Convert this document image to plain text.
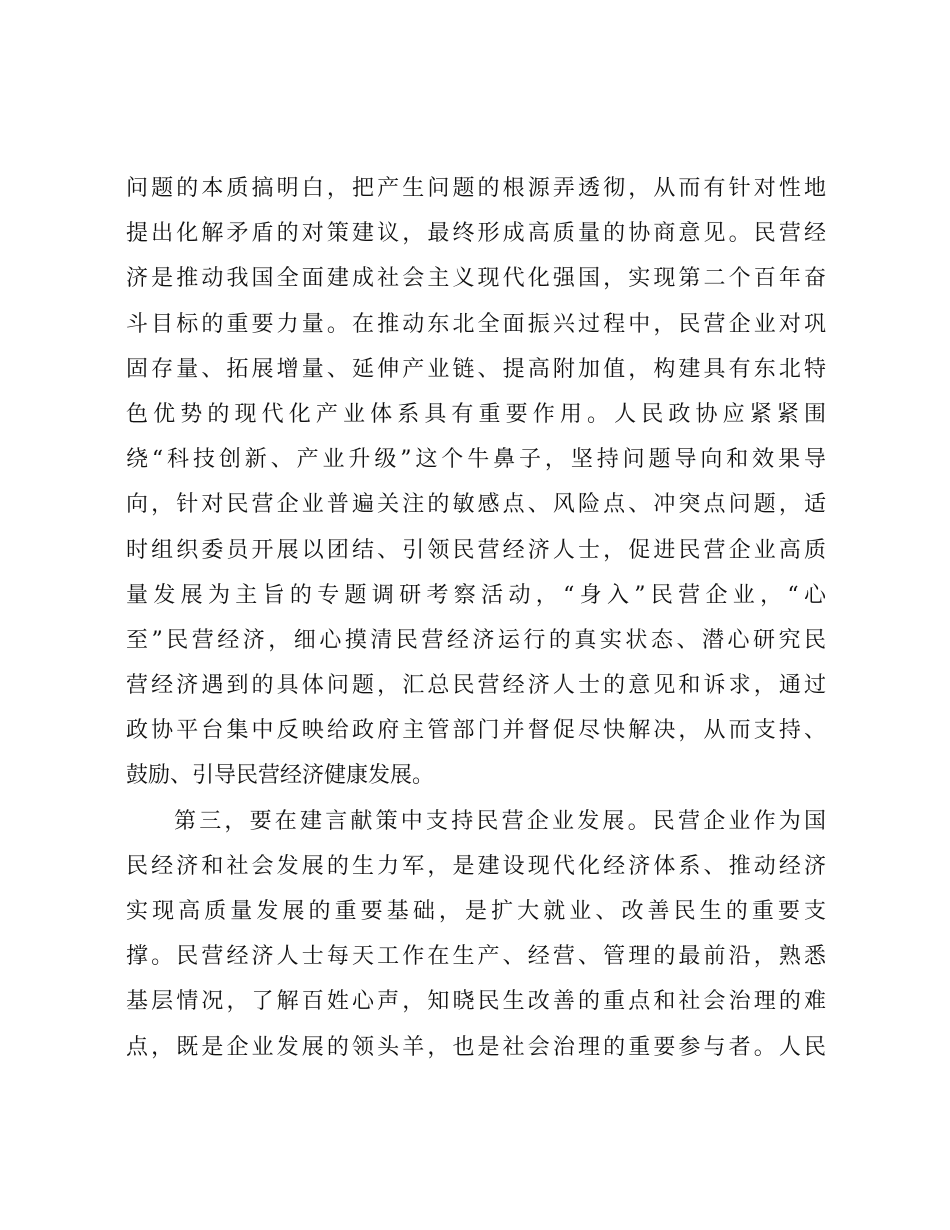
问题的本质搞明白，把产生问题的根源弄透彻，从而有针对性地
提出化解矛盾的对策建议，最终形成高质量的协商意见。民营经
济是推动我国全面建成社会主义现代化强国，实现第二个百年奋
斗目标的重要力量。在推动东北全面振兴过程中，民营企业对巩
固存量、拓展增量、延伸产业链、提高附加值，构建具有东北特
色优势的现代化产业体系具有重要作用。人民政协应紧紧围
绕“科技创新、产业升级”这个牛鼻子，坚持问题导向和效果导
向，针对民营企业普遍关注的敏感点、风险点、冲突点问题，适
时组织委员开展以团结、引领民营经济人士，促进民营企业高质
量发展为主旨的专题调研考察活动，“身入”民营企业，“心
至”民营经济，细心摸清民营经济运行的真实状态、潜心研究民
营经济遇到的具体问题，汇总民营经济人士的意见和诉求，通过
政协平台集中反映给政府主管部门并督促尽快解决，从而支持、
鼓励、引导民营经济健康发展。
第三，要在建言献策中支持民营企业发展。民营企业作为国
民经济和社会发展的生力军，是建设现代化经济体系、推动经济
实现高质量发展的重要基础，是扩大就业、改善民生的重要支
撑。民营经济人士每天工作在生产、经营、管理的最前沿，熟悉
基层情况，了解百姓心声，知晓民生改善的重点和社会治理的难
点，既是企业发展的领头羊，也是社会治理的重要参与者。人民
